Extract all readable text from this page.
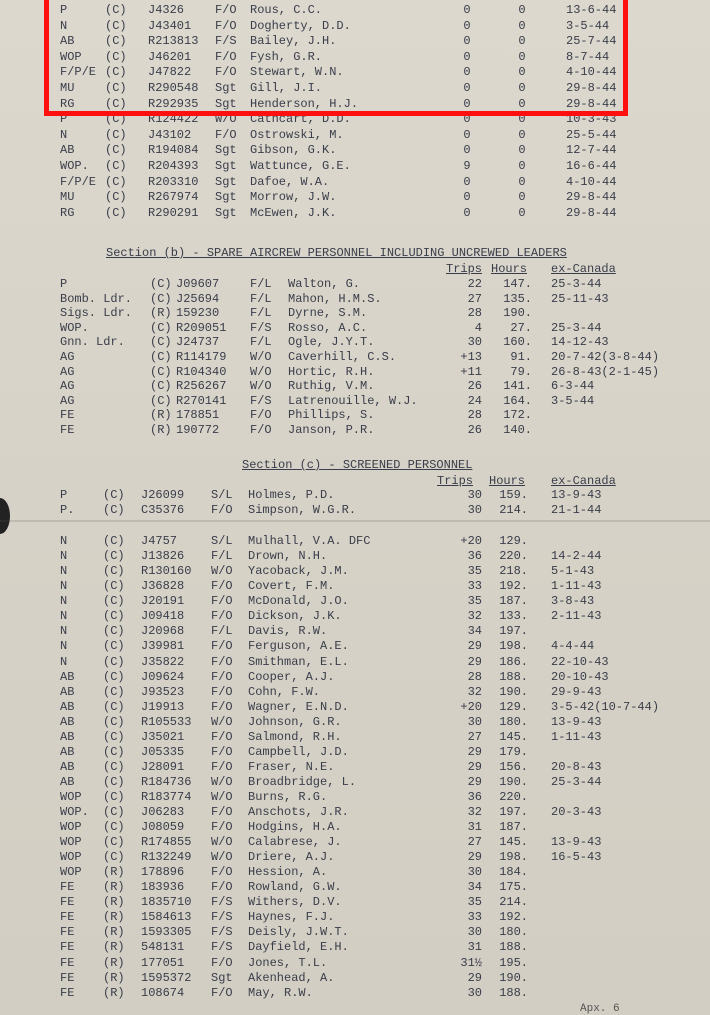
P	(C) J4326	F/O Rous, C.C.	0	0	13-6-44
N	(C) J43401 F/O Dogherty, D.D.	0	0	3-5-44
AB	(C) R213813 F/S Bailey, J.H.	0	0	25-7-44
WOP (C) J46201 F/O Fysh, G.R.	0	0	8-7-44
F/P/E (C) J47822 F/O Stewart, W.N.	0	0	4-10-44
MU	(C) R290548 Sgt Gill, J.I.	0	0	29-8-44
RG	(C) R292935 Sgt Henderson, H.J.	0	0	29-8-44
P	(C) R124422 W/O Cathcart, D.D.	0	0	10-3-43
N	(C) J43102 F/O Ostrowski, M.	0	0	25-5-44
AB	(C) R194084 Sgt Gibson, G.K.	0	0	12-7-44
WOP. (C) R204393 Sgt Wattunce, G.E.	9	0	16-6-44
F/P/E (C) R203310 Sgt Dafoe, W.A.	0	0	4-10-44
MU	(C) R267974 Sgt Morrow, J.W.	0	0	29-8-44
RG	(C) R290291 Sgt McEwen, J.K.	0	0	29-8-44
Section (b) - SPARE AIRCREW PERSONNEL INCLUDING UNCREWED LEADERS
Trips Hours ex-Canada
P	(C) J09607	F/L Walton, G.	22	147. 25-3-44
Bomb. Ldr. (C) J25694	F/L Mahon, H.M.S.	27	135. 25-11-43
Sigs. Ldr. (R) 159230	F/L Dyrne, S.M.	28	190.
WOP.	(C) R209051 F/S Rosso, A.C.	4	27. 25-3-44
Gnn. Ldr. (C) J24737	F/L Ogle, J.Y.T.	30	160. 14-12-43
AG	(C) R114179 W/O Caverhill, C.S.	+13	91. 20-7-42(3-8-44)
AG	(C) R104340 W/O Hortic, R.H.	+11	79. 26-8-43(2-1-45)
AG	(C) R256267 W/O Ruthig, V.M.	26	141. 6-3-44
AG	(C) R270141 F/S Latrenouille, W.J.	24	164. 3-5-44
FE	(R) 178851	F/O Phillips, S.	28	172.
FE	(R) 190772	F/O Janson, P.R.	26	140.
Section (c) - SCREENED PERSONNEL
Trips Hours ex-Canada
P	(C) J26099 S/L Holmes, P.D.	30	159. 13-9-43
P. (C) C35376 F/O Simpson, W.G.R.	30	214. 21-1-44
N	(C) J4757	S/L Mulhall, V.A. DFC	+20	129.
N	(C) J13826 F/L Drown, N.H.	36	220. 14-2-44
N	(C) R130160 W/O Yacoback, J.M.	35	218. 5-1-43
N	(C) J36828 F/O Covert, F.M.	33	192. 1-11-43
N	(C) J20191 F/O McDonald, J.O.	35	187. 3-8-43
N	(C) J09418 F/O Dickson, J.K.	32	133. 2-11-43
N	(C) J20968 F/L Davis, R.W.	34	197.
N	(C) J39981 F/O Ferguson, A.E.	29	198. 4-4-44
N	(C) J35822 F/O Smithman, E.L.	29	186. 22-10-43
AB (C) J09624 F/O Cooper, A.J.	28	188. 20-10-43
AB (C) J93523 F/O Cohn, F.W.	32	190. 29-9-43
AB (C) J19913 F/O Wagner, E.N.D.	+20	129. 3-5-42(10-7-44)
AB (C) R105533 W/O Johnson, G.R.	30	180. 13-9-43
AB (C) J35021 F/O Salmond, R.H.	27	145. 1-11-43
AB (C) J05335 F/O Campbell, J.D.	29	179.
AB (C) J28091 F/O Fraser, N.E.	29	156. 20-8-43
AB (C) R184736 W/O Broadbridge, L.	29	190. 25-3-44
WOP (C) R183774 W/O Burns, R.G.	36	220.
WOP. (C) J06283 F/O Anschots, J.R.	32	197. 20-3-43
WOP (C) J08059 F/O Hodgins, H.A.	31	187.
WOP (C) R174855 W/O Calabrese, J.	27	145. 13-9-43
WOP (C) R132249 W/O Driere, A.J.	29	198. 16-5-43
WOP (R) 178896 F/O Hession, A.	30	184.
FE (R) 183936 F/O Rowland, G.W.	34	175.
FE (R) 1835710 F/S Withers, D.V.	35	214.
FE (R) 1584613 F/S Haynes, F.J.	33	192.
FE (R) 1593305 F/S Deisly, J.W.T.	30	180.
FE (R) 548131 F/S Dayfield, E.H.	31	188.
FE (R) 177051 F/O Jones, T.L.	31½	195.
FE (R) 1595372 Sgt Akenhead, A.	29	190.
FE (R) 108674 F/O May, R.W.	30	188.
Apx. 6
